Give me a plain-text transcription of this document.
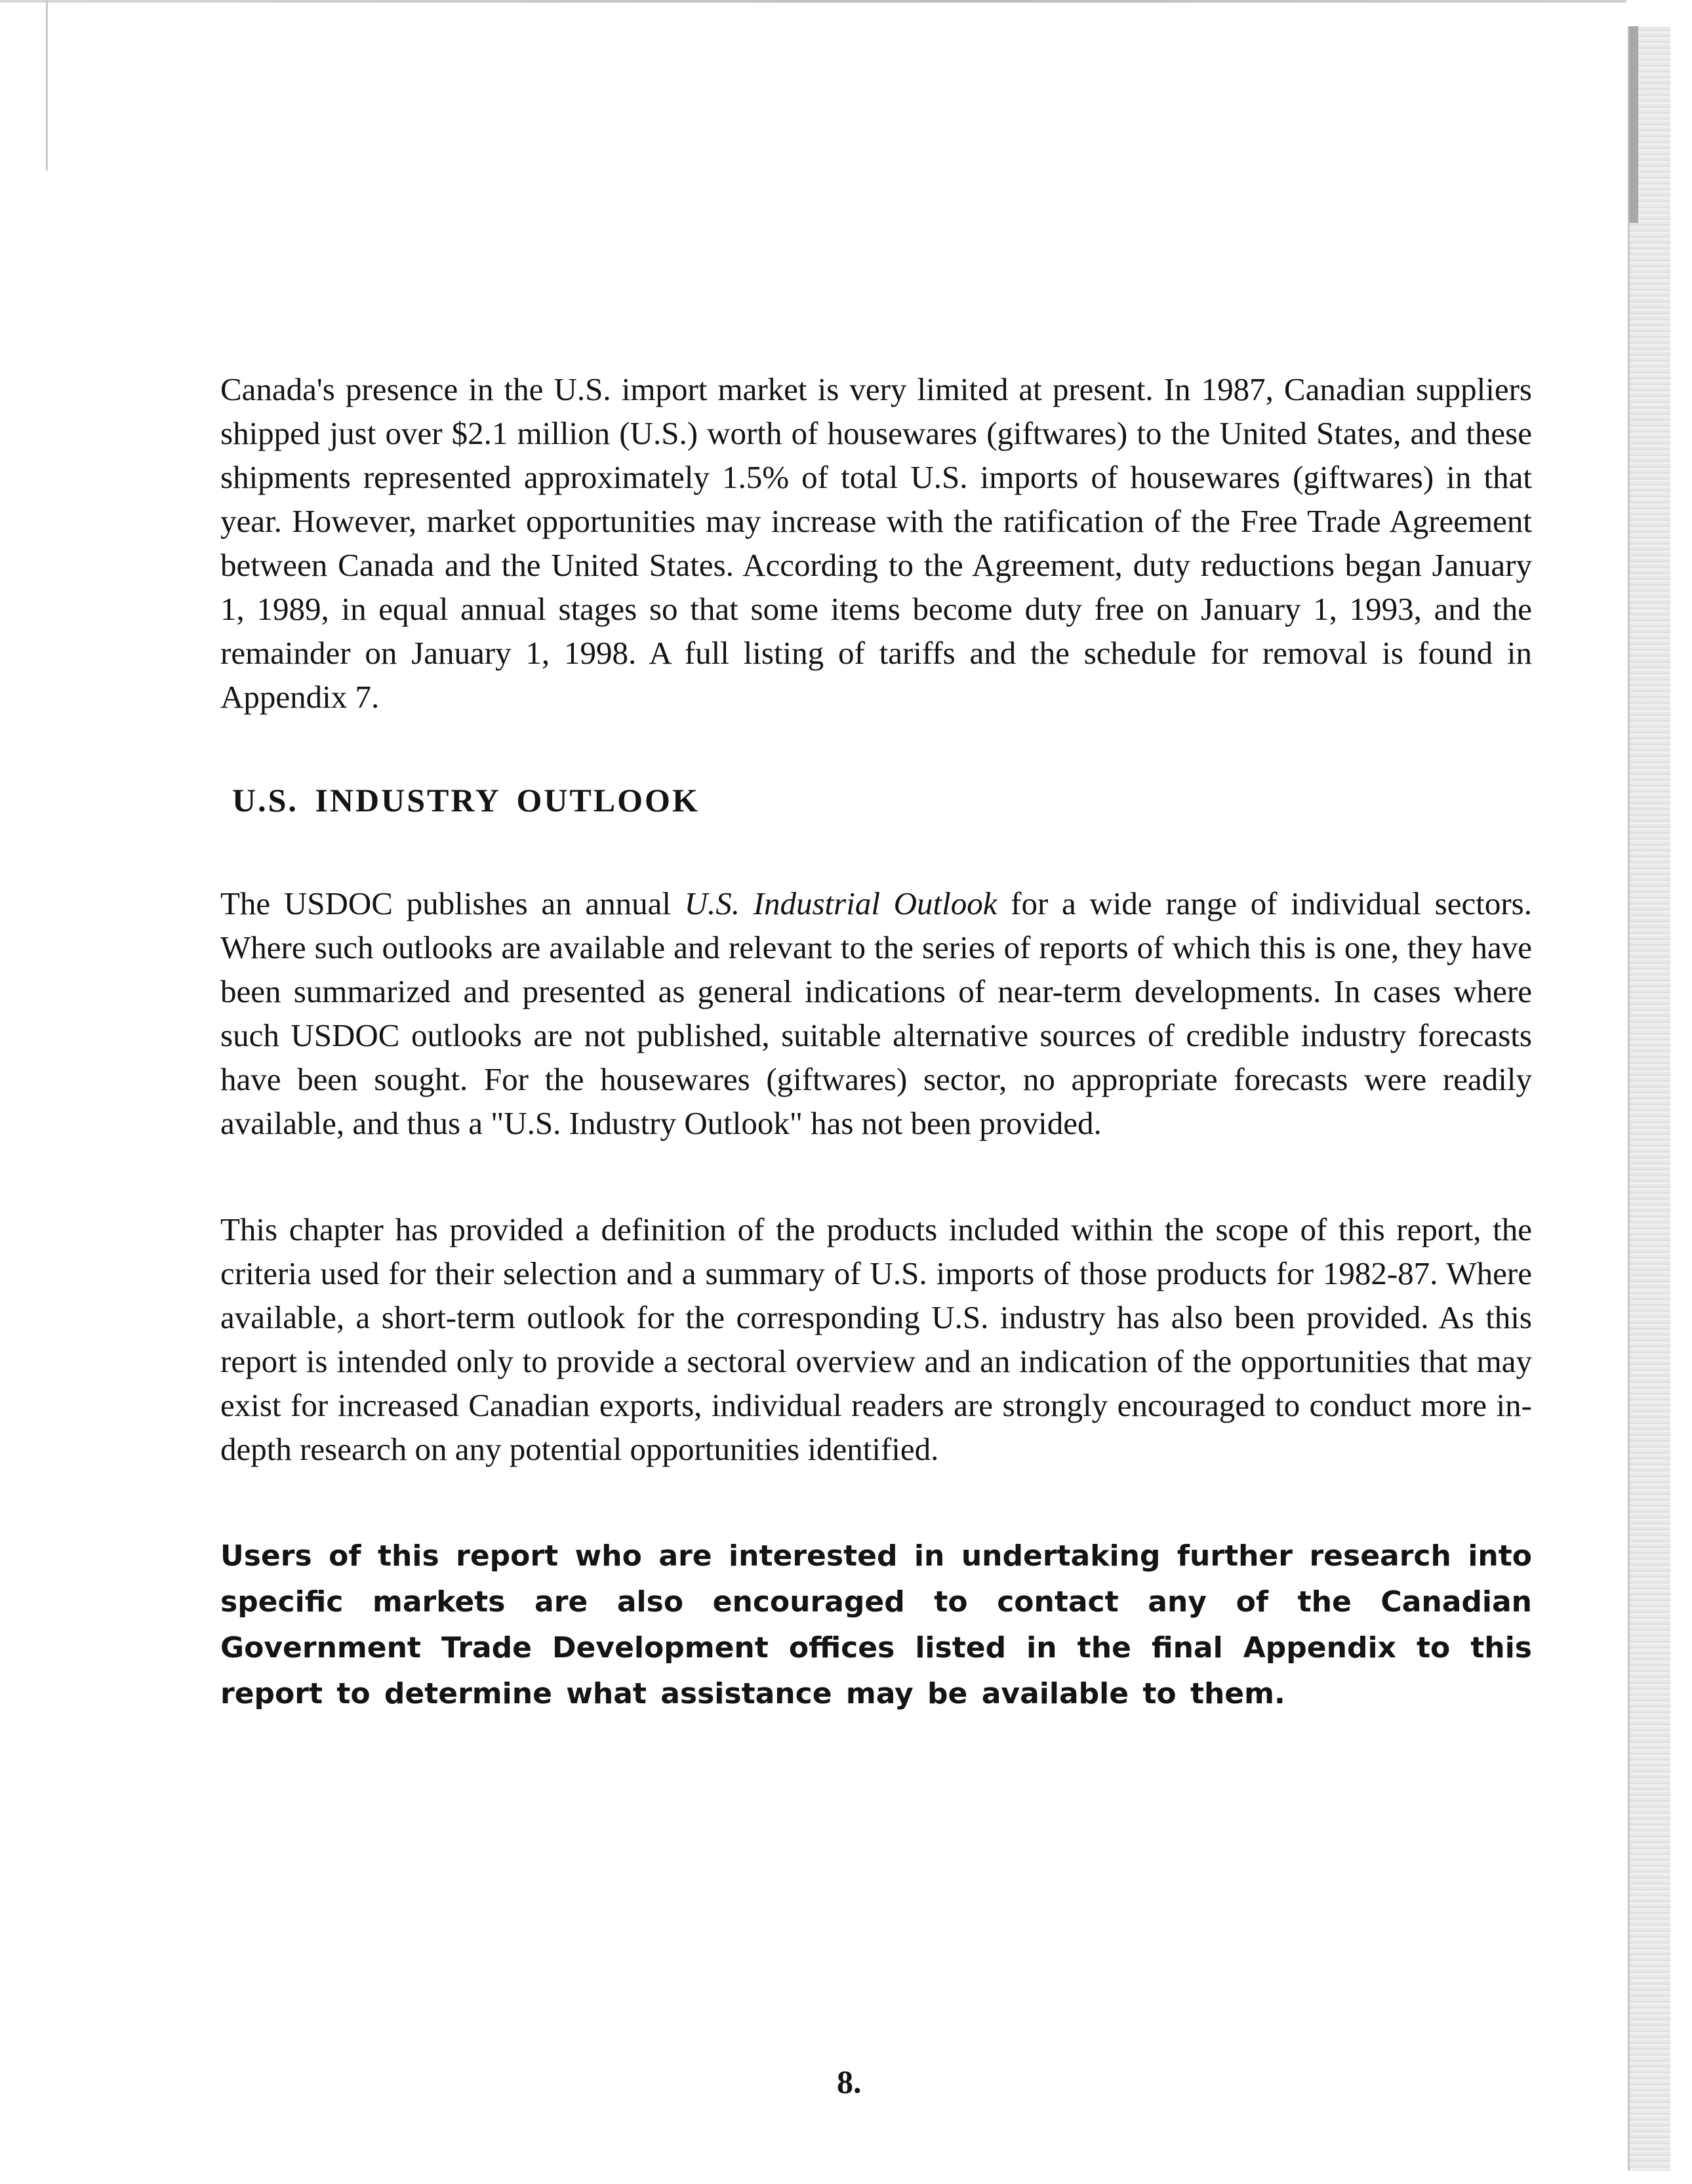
Canada's presence in the U.S. import market is very limited at present. In 1987, Canadian suppliers shipped just over $2.1 million (U.S.) worth of housewares (giftwares) to the United States, and these shipments represented approximately 1.5% of total U.S. imports of housewares (giftwares) in that year. However, market opportunities may increase with the ratification of the Free Trade Agreement between Canada and the United States. According to the Agreement, duty reductions began January 1, 1989, in equal annual stages so that some items become duty free on January 1, 1993, and the remainder on January 1, 1998. A full listing of tariffs and the schedule for removal is found in Appendix 7.

U.S. INDUSTRY OUTLOOK

The USDOC publishes an annual U.S. Industrial Outlook for a wide range of individual sectors. Where such outlooks are available and relevant to the series of reports of which this is one, they have been summarized and presented as general indications of near-term developments. In cases where such USDOC outlooks are not published, suitable alternative sources of credible industry forecasts have been sought. For the housewares (giftwares) sector, no appropriate forecasts were readily available, and thus a "U.S. Industry Outlook" has not been provided.

This chapter has provided a definition of the products included within the scope of this report, the criteria used for their selection and a summary of U.S. imports of those products for 1982-87. Where available, a short-term outlook for the corresponding U.S. industry has also been provided. As this report is intended only to provide a sectoral overview and an indication of the opportunities that may exist for increased Canadian exports, individual readers are strongly encouraged to conduct more in-depth research on any potential opportunities identified.

Users of this report who are interested in undertaking further research into specific markets are also encouraged to contact any of the Canadian Government Trade Development offices listed in the final Appendix to this report to determine what assistance may be available to them.

8.
